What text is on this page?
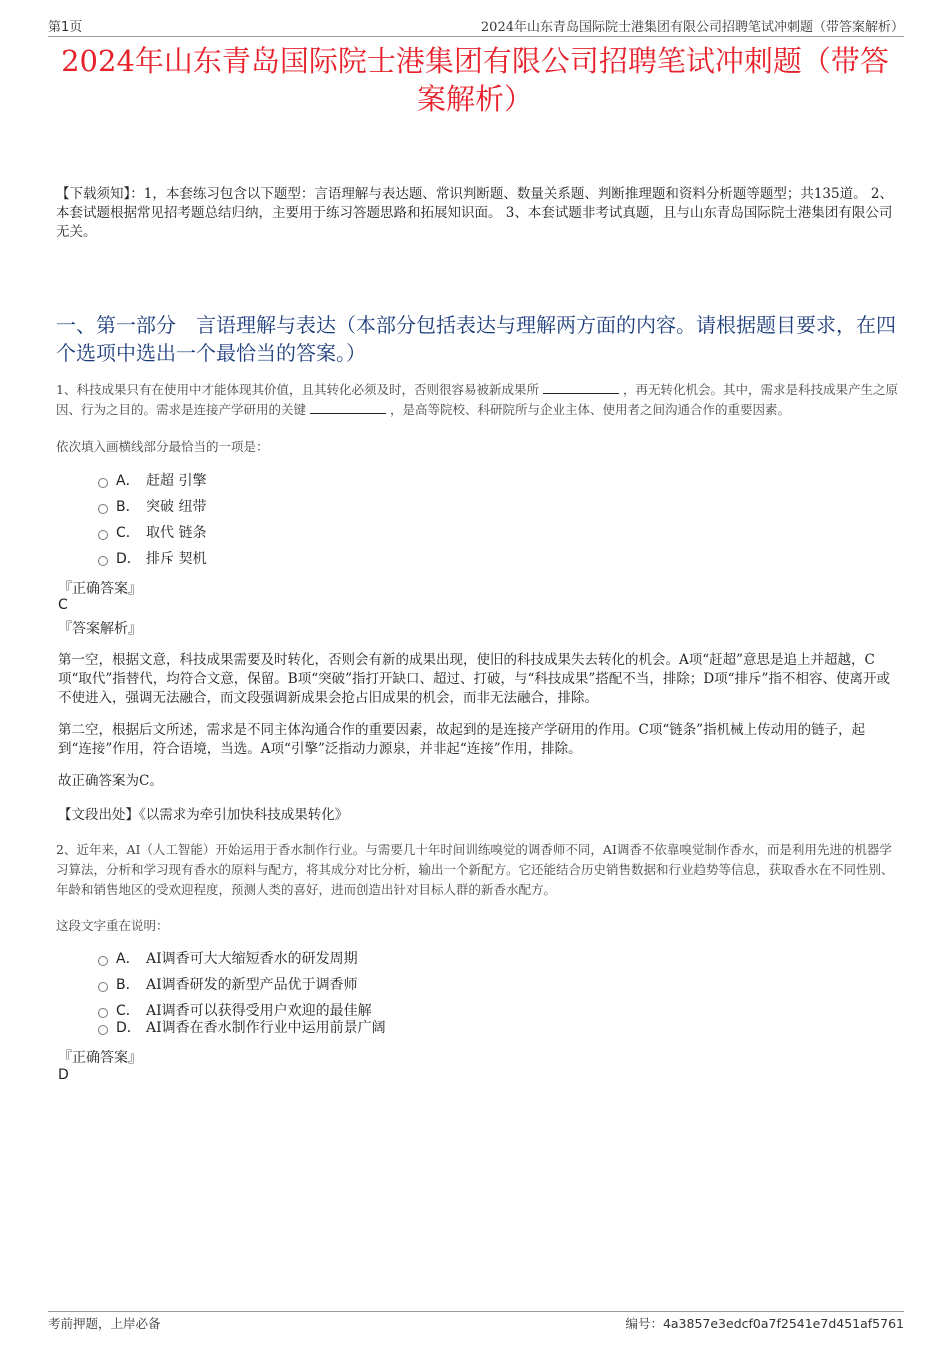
第1页	2024年山东青岛国际院士港集团有限公司招聘笔试冲刺题（带答案解析）
2024年山东青岛国际院士港集团有限公司招聘笔试冲刺题（带答案解析）
【下载须知】：1，本套练习包含以下题型：言语理解与表达题、常识判断题、数量关系题、判断推理题和资料分析题等题型；共135道。 2、本套试题根据常见招考题总结归纳，主要用于练习答题思路和拓展知识面。 3、本套试题非考试真题，且与山东青岛国际院士港集团有限公司无关。
一、第一部分　言语理解与表达（本部分包括表达与理解两方面的内容。请根据题目要求，在四个选项中选出一个最恰当的答案。）
1、科技成果只有在使用中才能体现其价值，且其转化必须及时，否则很容易被新成果所	，再无转化机会。其中，需求是科技成果产生之原因、行为之目的。需求是连接产学研用的关键	，是高等院校、科研院所与企业主体、使用者之间沟通合作的重要因素。
依次填入画横线部分最恰当的一项是：
A． 赶超 引擎
B． 突破 纽带
C． 取代 链条
D． 排斥 契机
『正确答案』
C
『答案解析』
第一空，根据文意，科技成果需要及时转化，否则会有新的成果出现，使旧的科技成果失去转化的机会。A项“赶超”意思是追上并超越，C项“取代”指替代，均符合文意，保留。B项“突破”指打开缺口、超过、打破，与“科技成果”搭配不当，排除；D项“排斥”指不相容、使离开或不使进入，强调无法融合，而文段强调新成果会抢占旧成果的机会，而非无法融合，排除。
第二空，根据后文所述，需求是不同主体沟通合作的重要因素，故起到的是连接产学研用的作用。C项“链条”指机械上传动用的链子，起到“连接”作用，符合语境，当选。A项“引擎”泛指动力源泉，并非起“连接”作用，排除。
故正确答案为C。
【文段出处】《以需求为牵引加快科技成果转化》
2、近年来，AI（人工智能）开始运用于香水制作行业。与需要几十年时间训练嗅觉的调香师不同，AI调香不依靠嗅觉制作香水，而是利用先进的机器学习算法，分析和学习现有香水的原料与配方，将其成分对比分析，输出一个新配方。它还能结合历史销售数据和行业趋势等信息，获取香水在不同性别、年龄和销售地区的受欢迎程度，预测人类的喜好，进而创造出针对目标人群的新香水配方。
这段文字重在说明：
A． AI调香可大大缩短香水的研发周期
B． AI调香研发的新型产品优于调香师
C． AI调香可以获得受用户欢迎的最佳解
D． AI调香在香水制作行业中运用前景广阔
『正确答案』
D
考前押题，上岸必备	编号：4a3857e3edcf0a7f2541e7d451af5761
